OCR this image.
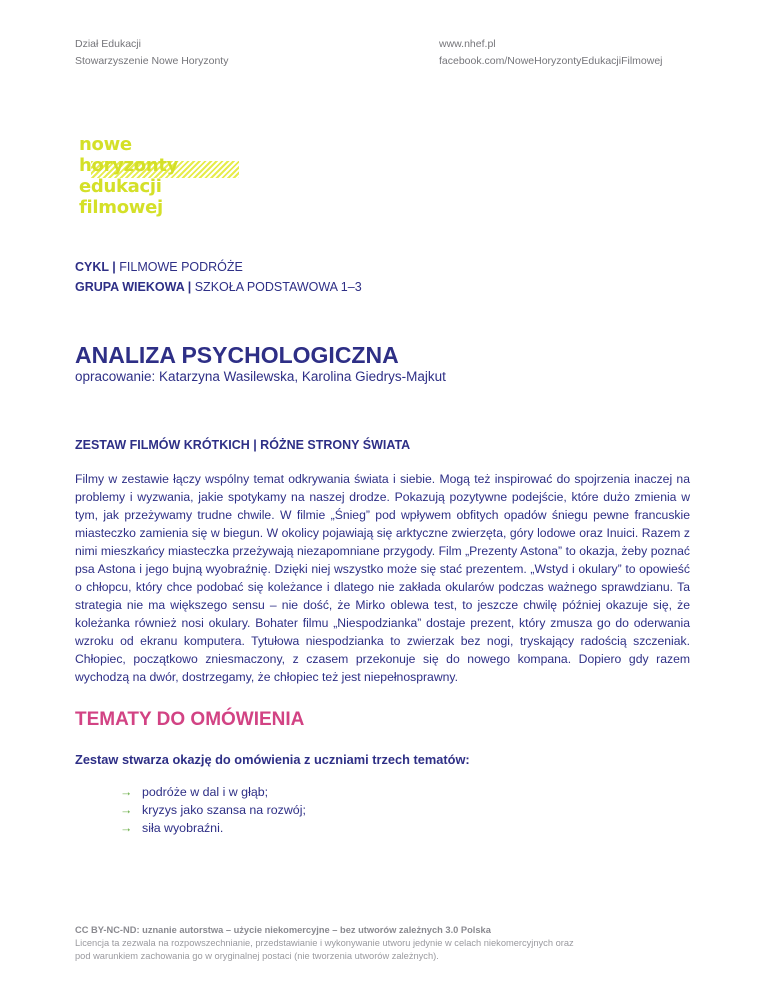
Dział Edukacji
Stowarzyszenie Nowe Horyzonty
www.nhef.pl
facebook.com/NoweHoryzontyEdukacjiFilmowej
nowe
horyzonty
edukacji
filmowej
CYKL | FILMOWE PODRÓŻE
GRUPA WIEKOWA | SZKOŁA PODSTAWOWA 1–3
ANALIZA PSYCHOLOGICZNA
opracowanie: Katarzyna Wasilewska, Karolina Giedrys-Majkut
ZESTAW FILMÓW KRÓTKICH | RÓŻNE STRONY ŚWIATA

Filmy w zestawie łączy wspólny temat odkrywania świata i siebie. Mogą też inspirować do spojrzenia inaczej na problemy i wyzwania, jakie spotykamy na naszej drodze. Pokazują pozytywne podejście, które dużo zmienia w tym, jak przeżywamy trudne chwile. W filmie „Śnieg” pod wpływem obfitych opadów śniegu pewne francuskie miasteczko zamienia się w biegun. W okolicy pojawiają się arktyczne zwierzęta, góry lodowe oraz Inuici. Razem z nimi mieszkańcy miasteczka przeżywają niezapomniane przygody. Film „Prezenty Astona” to okazja, żeby poznać psa Astona i jego bujną wyobraźnię. Dzięki niej wszystko może się stać prezentem. „Wstyd i okulary” to opowieść o chłopcu, który chce podobać się koleżance i dlatego nie zakłada okularów podczas ważnego sprawdzianu. Ta strategia nie ma większego sensu – nie dość, że Mirko oblewa test, to jeszcze chwilę później okazuje się, że koleżanka również nosi okulary. Bohater filmu „Niespodzianka” dostaje prezent, który zmusza go do oderwania wzroku od ekranu komputera. Tytułowa niespodzianka to zwierzak bez nogi, tryskający radością szczeniak. Chłopiec, początkowo zniesmaczony, z czasem przekonuje się do nowego kompana. Dopiero gdy razem wychodzą na dwór, dostrzegamy, że chłopiec też jest niepełnosprawny.

TEMATY DO OMÓWIENIA
Zestaw stwarza okazję do omówienia z uczniami trzech tematów:
→ podróże w dal i w głąb;
→ kryzys jako szansa na rozwój;
→ siła wyobraźni.
CC BY-NC-ND: uznanie autorstwa – użycie niekomercyjne – bez utworów zależnych 3.0 Polska
Licencja ta zezwala na rozpowszechnianie, przedstawianie i wykonywanie utworu jedynie w celach niekomercyjnych oraz
pod warunkiem zachowania go w oryginalnej postaci (nie tworzenia utworów zależnych).
